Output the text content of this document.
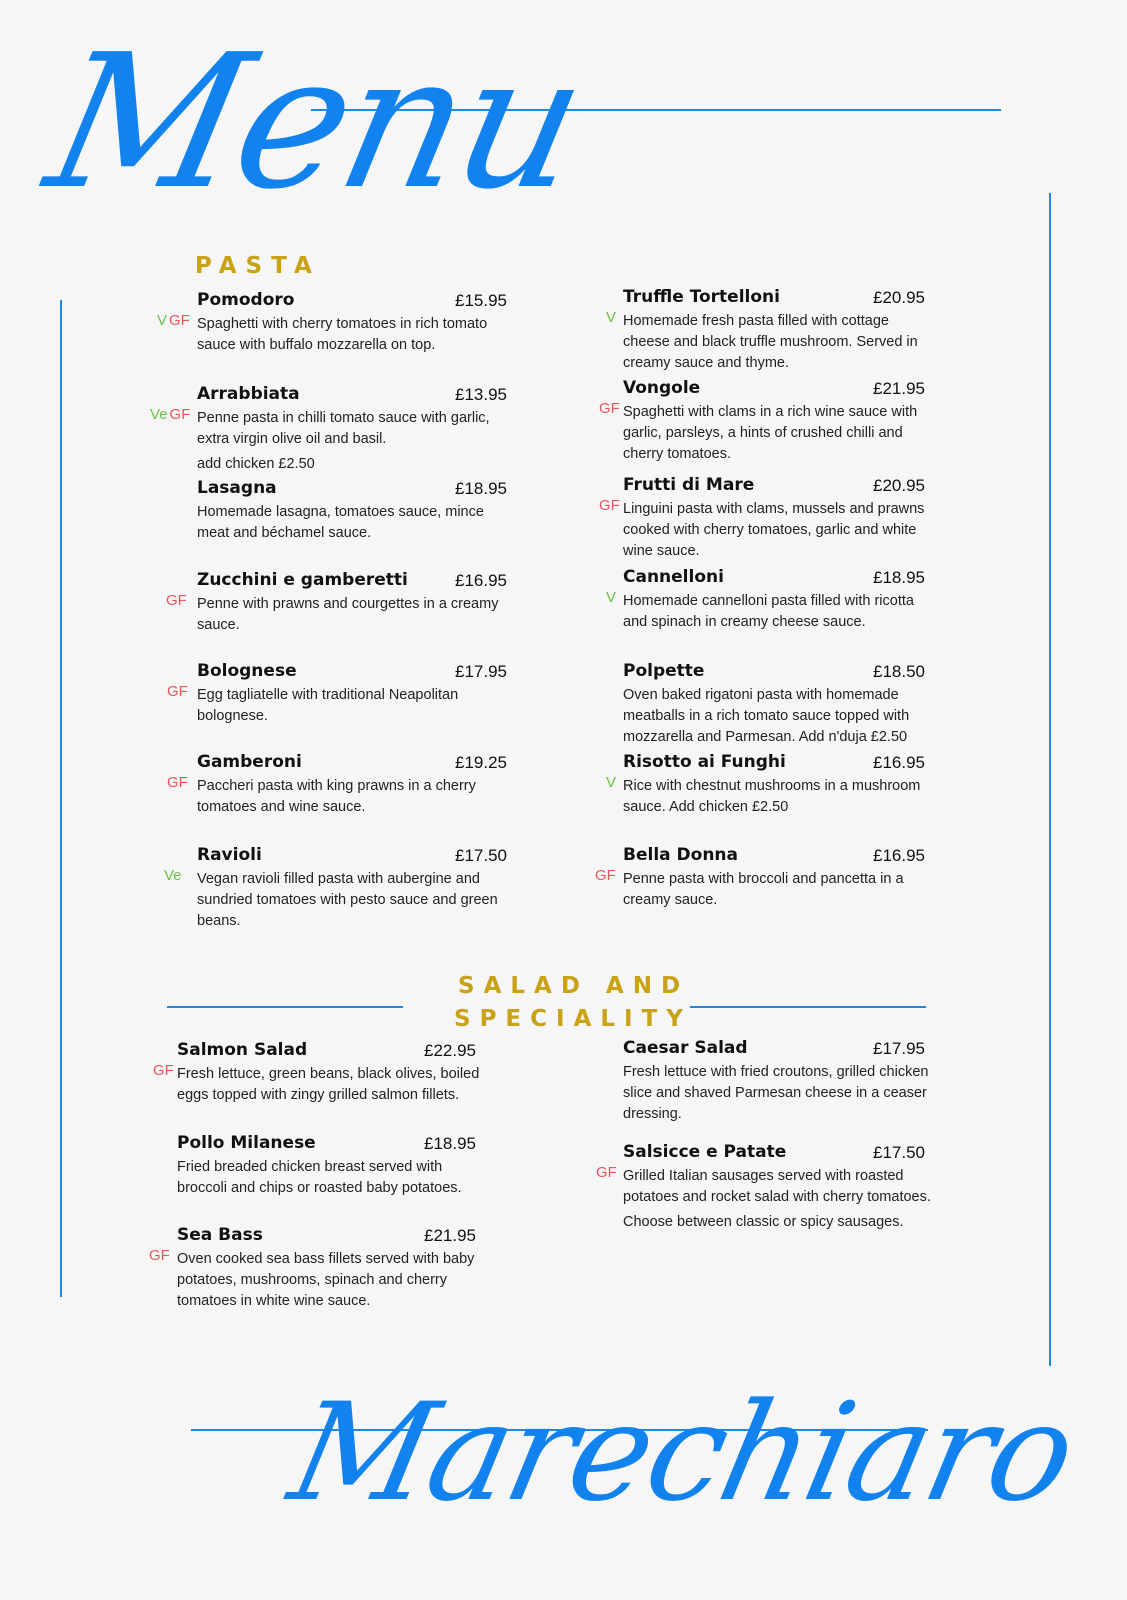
Menu
Marechiaro
PASTA
SALAD AND
SPECIALITY
Pomodoro	£15.95
Spaghetti with cherry tomatoes in rich tomato sauce with buffalo mozzarella on top.
V GF
Arrabbiata	£13.95
Penne pasta in chilli tomato sauce with garlic, extra virgin olive oil and basil.
add chicken £2.50
Ve GF
Lasagna	£18.95
Homemade lasagna, tomatoes sauce, mince meat and béchamel sauce.
Zucchini e gamberetti	£16.95
Penne with prawns and courgettes in a creamy sauce.
GF
Bolognese	£17.95
Egg tagliatelle with traditional Neapolitan bolognese.
GF
Gamberoni	£19.25
Paccheri pasta with king prawns in a cherry tomatoes and wine sauce.
GF
Ravioli	£17.50
Vegan ravioli filled pasta with aubergine and sundried tomatoes with pesto sauce and green beans.
Ve
Truffle Tortelloni	£20.95
Homemade fresh pasta filled with cottage cheese and black truffle mushroom. Served in creamy sauce and thyme.
V
Vongole	£21.95
Spaghetti with clams in a rich wine sauce with garlic, parsleys, a hints of crushed chilli and cherry tomatoes.
GF
Frutti di Mare	£20.95
Linguini pasta with clams, mussels and prawns cooked with cherry tomatoes, garlic and white wine sauce.
GF
Cannelloni	£18.95
Homemade cannelloni pasta filled with ricotta and spinach in creamy cheese sauce.
V
Polpette	£18.50
Oven baked rigatoni pasta with homemade meatballs in a rich tomato sauce topped with mozzarella and Parmesan. Add n'duja £2.50
Risotto ai Funghi	£16.95
Rice with chestnut mushrooms in a mushroom sauce. Add chicken £2.50
V
Bella Donna	£16.95
Penne pasta with broccoli and pancetta in a creamy sauce.
GF
Salmon Salad	£22.95
Fresh lettuce, green beans, black olives, boiled eggs topped with zingy grilled salmon fillets.
GF
Pollo Milanese	£18.95
Fried breaded chicken breast served with broccoli and chips or roasted baby potatoes.
Sea Bass	£21.95
Oven cooked sea bass fillets served with baby potatoes, mushrooms, spinach and cherry tomatoes in white wine sauce.
GF
Caesar Salad	£17.95
Fresh lettuce with fried croutons, grilled chicken slice and shaved Parmesan cheese in a ceaser dressing.
Salsicce e Patate	£17.50
Grilled Italian sausages served with roasted potatoes and rocket salad with cherry tomatoes.
Choose between classic or spicy sausages.
GF
